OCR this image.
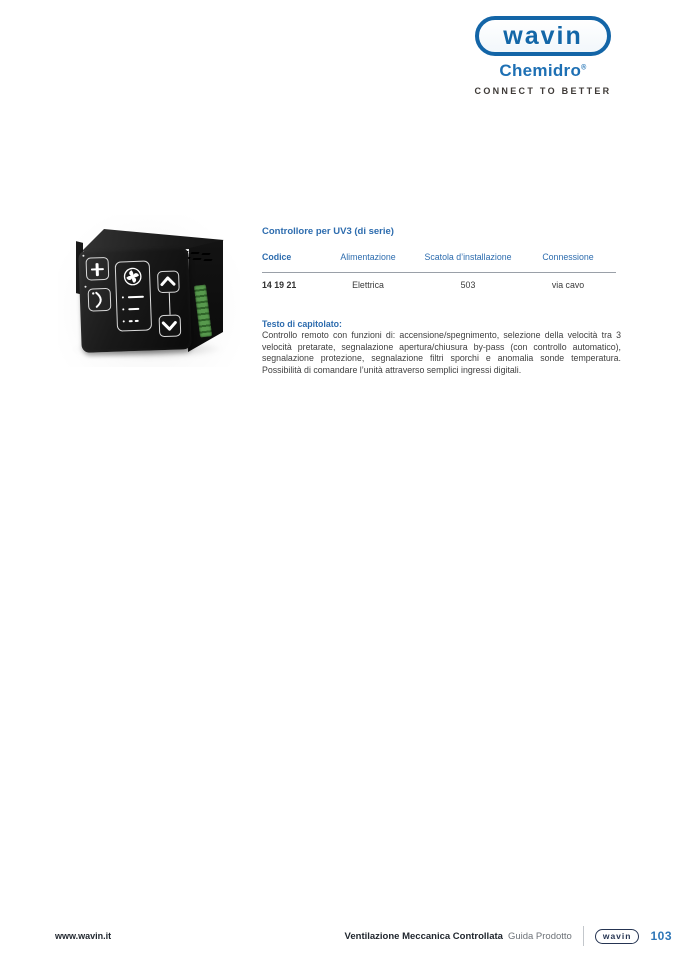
wavin
Chemidro®
CONNECT TO BETTER
Controllore per UV3 (di serie)
Codice	Alimentazione	Scatola d’installazione	Connessione
14 19 21	Elettrica	503	via cavo
Testo di capitolato:
Controllo remoto con funzioni di: accensione/spegnimento, selezione della velocità tra 3 velocità pretarate, segnalazione apertura/chiusura by-pass (con controllo automatico), segnalazione protezione, segnalazione filtri sporchi e anomalia sonde temperatura. Possibilità di comandare l’unità attraverso semplici ingressi digitali.
www.wavin.it	Ventilazione Meccanica Controllata Guida Prodotto	wavin 103
